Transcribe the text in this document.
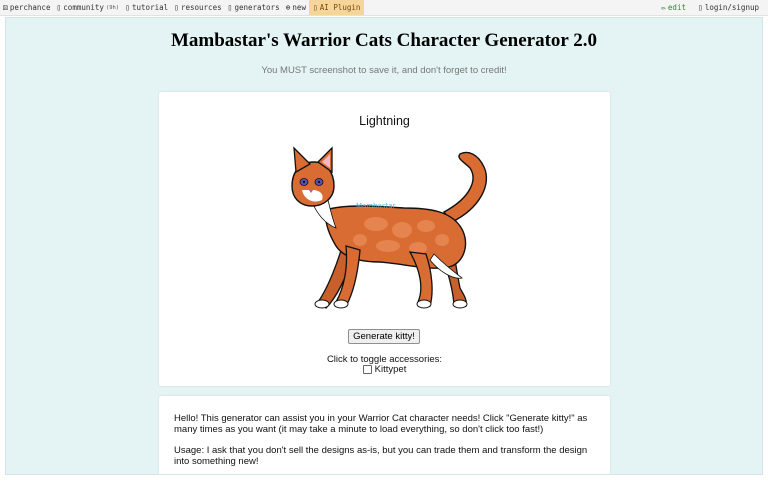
⚄ perchance ▯ community (9h) ▯ tutorial ▯ resources ▯ generators ⊕ new ▯ AI Plugin	✏ edit ▯ login/signup
Mambastar's Warrior Cats Character Generator 2.0
You MUST screenshot to save it, and don't forget to credit!
Lightning
Mambastar
Generate kitty!
Click to toggle accessories:
Kittypet
Hello! This generator can assist you in your Warrior Cat character needs! Click "Generate kitty!" as many times as you want (it may take a minute to load everything, so don't click too fast!)
Usage: I ask that you don't sell the designs as-is, but you can trade them and transform the design into something new!
